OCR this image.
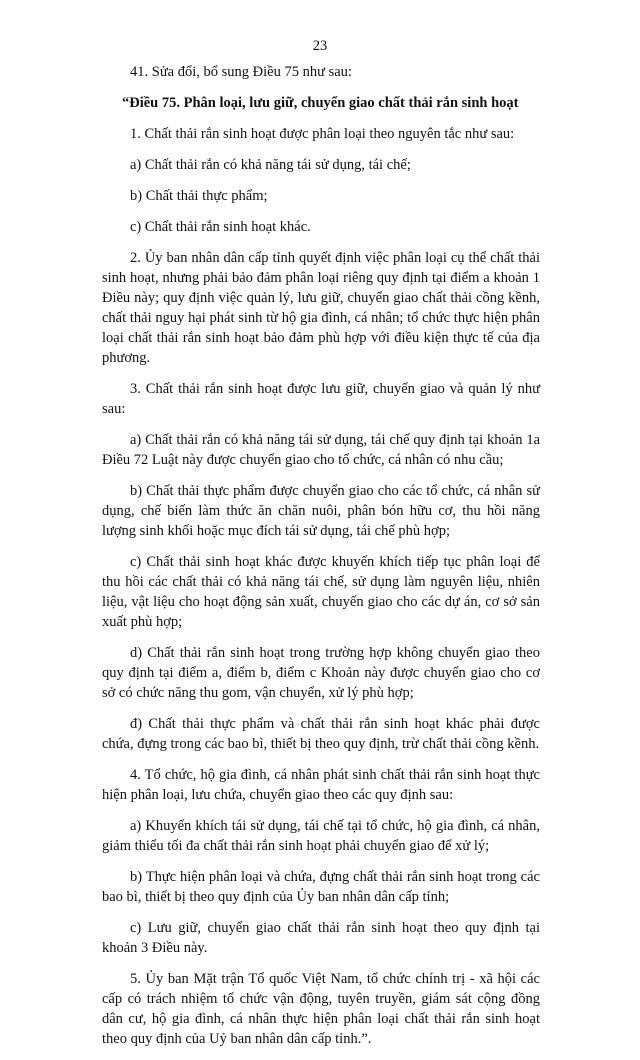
23

41. Sửa đổi, bổ sung Điều 75 như sau:

“Điều 75. Phân loại, lưu giữ, chuyển giao chất thải rắn sinh hoạt

1. Chất thải rắn sinh hoạt được phân loại theo nguyên tắc như sau:

a) Chất thải rắn có khả năng tái sử dụng, tái chế;

b) Chất thải thực phẩm;

c) Chất thải rắn sinh hoạt khác.

2. Ủy ban nhân dân cấp tỉnh quyết định việc phân loại cụ thể chất thải sinh hoạt, nhưng phải bảo đảm phân loại riêng quy định tại điểm a khoản 1 Điều này; quy định việc quản lý, lưu giữ, chuyển giao chất thải cồng kềnh, chất thải nguy hại phát sinh từ hộ gia đình, cá nhân; tổ chức thực hiện phân loại chất thải rắn sinh hoạt bảo đảm phù hợp với điều kiện thực tế của địa phương.

3. Chất thải rắn sinh hoạt được lưu giữ, chuyển giao và quản lý như sau:

a) Chất thải rắn có khả năng tái sử dụng, tái chế quy định tại khoản 1a Điều 72 Luật này được chuyển giao cho tổ chức, cá nhân có nhu cầu;

b) Chất thải thực phẩm được chuyển giao cho các tổ chức, cá nhân sử dụng, chế biến làm thức ăn chăn nuôi, phân bón hữu cơ, thu hồi năng lượng sinh khối hoặc mục đích tái sử dụng, tái chế phù hợp;

c) Chất thải sinh hoạt khác được khuyến khích tiếp tục phân loại để thu hồi các chất thải có khả năng tái chế, sử dụng làm nguyên liệu, nhiên liệu, vật liệu cho hoạt động sản xuất, chuyển giao cho các dự án, cơ sở sản xuất phù hợp;

d) Chất thải rắn sinh hoạt trong trường hợp không chuyển giao theo quy định tại điểm a, điểm b, điểm c Khoản này được chuyển giao cho cơ sở có chức năng thu gom, vận chuyển, xử lý phù hợp;

đ) Chất thải thực phẩm và chất thải rắn sinh hoạt khác phải được chứa, đựng trong các bao bì, thiết bị theo quy định, trừ chất thải cồng kềnh.

4. Tổ chức, hộ gia đình, cá nhân phát sinh chất thải rắn sinh hoạt thực hiện phân loại, lưu chứa, chuyển giao theo các quy định sau:

a) Khuyến khích tái sử dụng, tái chế tại tổ chức, hộ gia đình, cá nhân, giảm thiểu tối đa chất thải rắn sinh hoạt phải chuyển giao để xử lý;

b) Thực hiện phân loại và chứa, đựng chất thải rắn sinh hoạt trong các bao bì, thiết bị theo quy định của Ủy ban nhân dân cấp tỉnh;

c) Lưu giữ, chuyển giao chất thải rắn sinh hoạt theo quy định tại khoản 3 Điều này.

5. Ủy ban Mặt trận Tổ quốc Việt Nam, tổ chức chính trị - xã hội các cấp có trách nhiệm tổ chức vận động, tuyên truyền, giám sát cộng đồng dân cư, hộ gia đình, cá nhân thực hiện phân loại chất thải rắn sinh hoạt theo quy định của Uỷ ban nhân dân cấp tỉnh.”.
